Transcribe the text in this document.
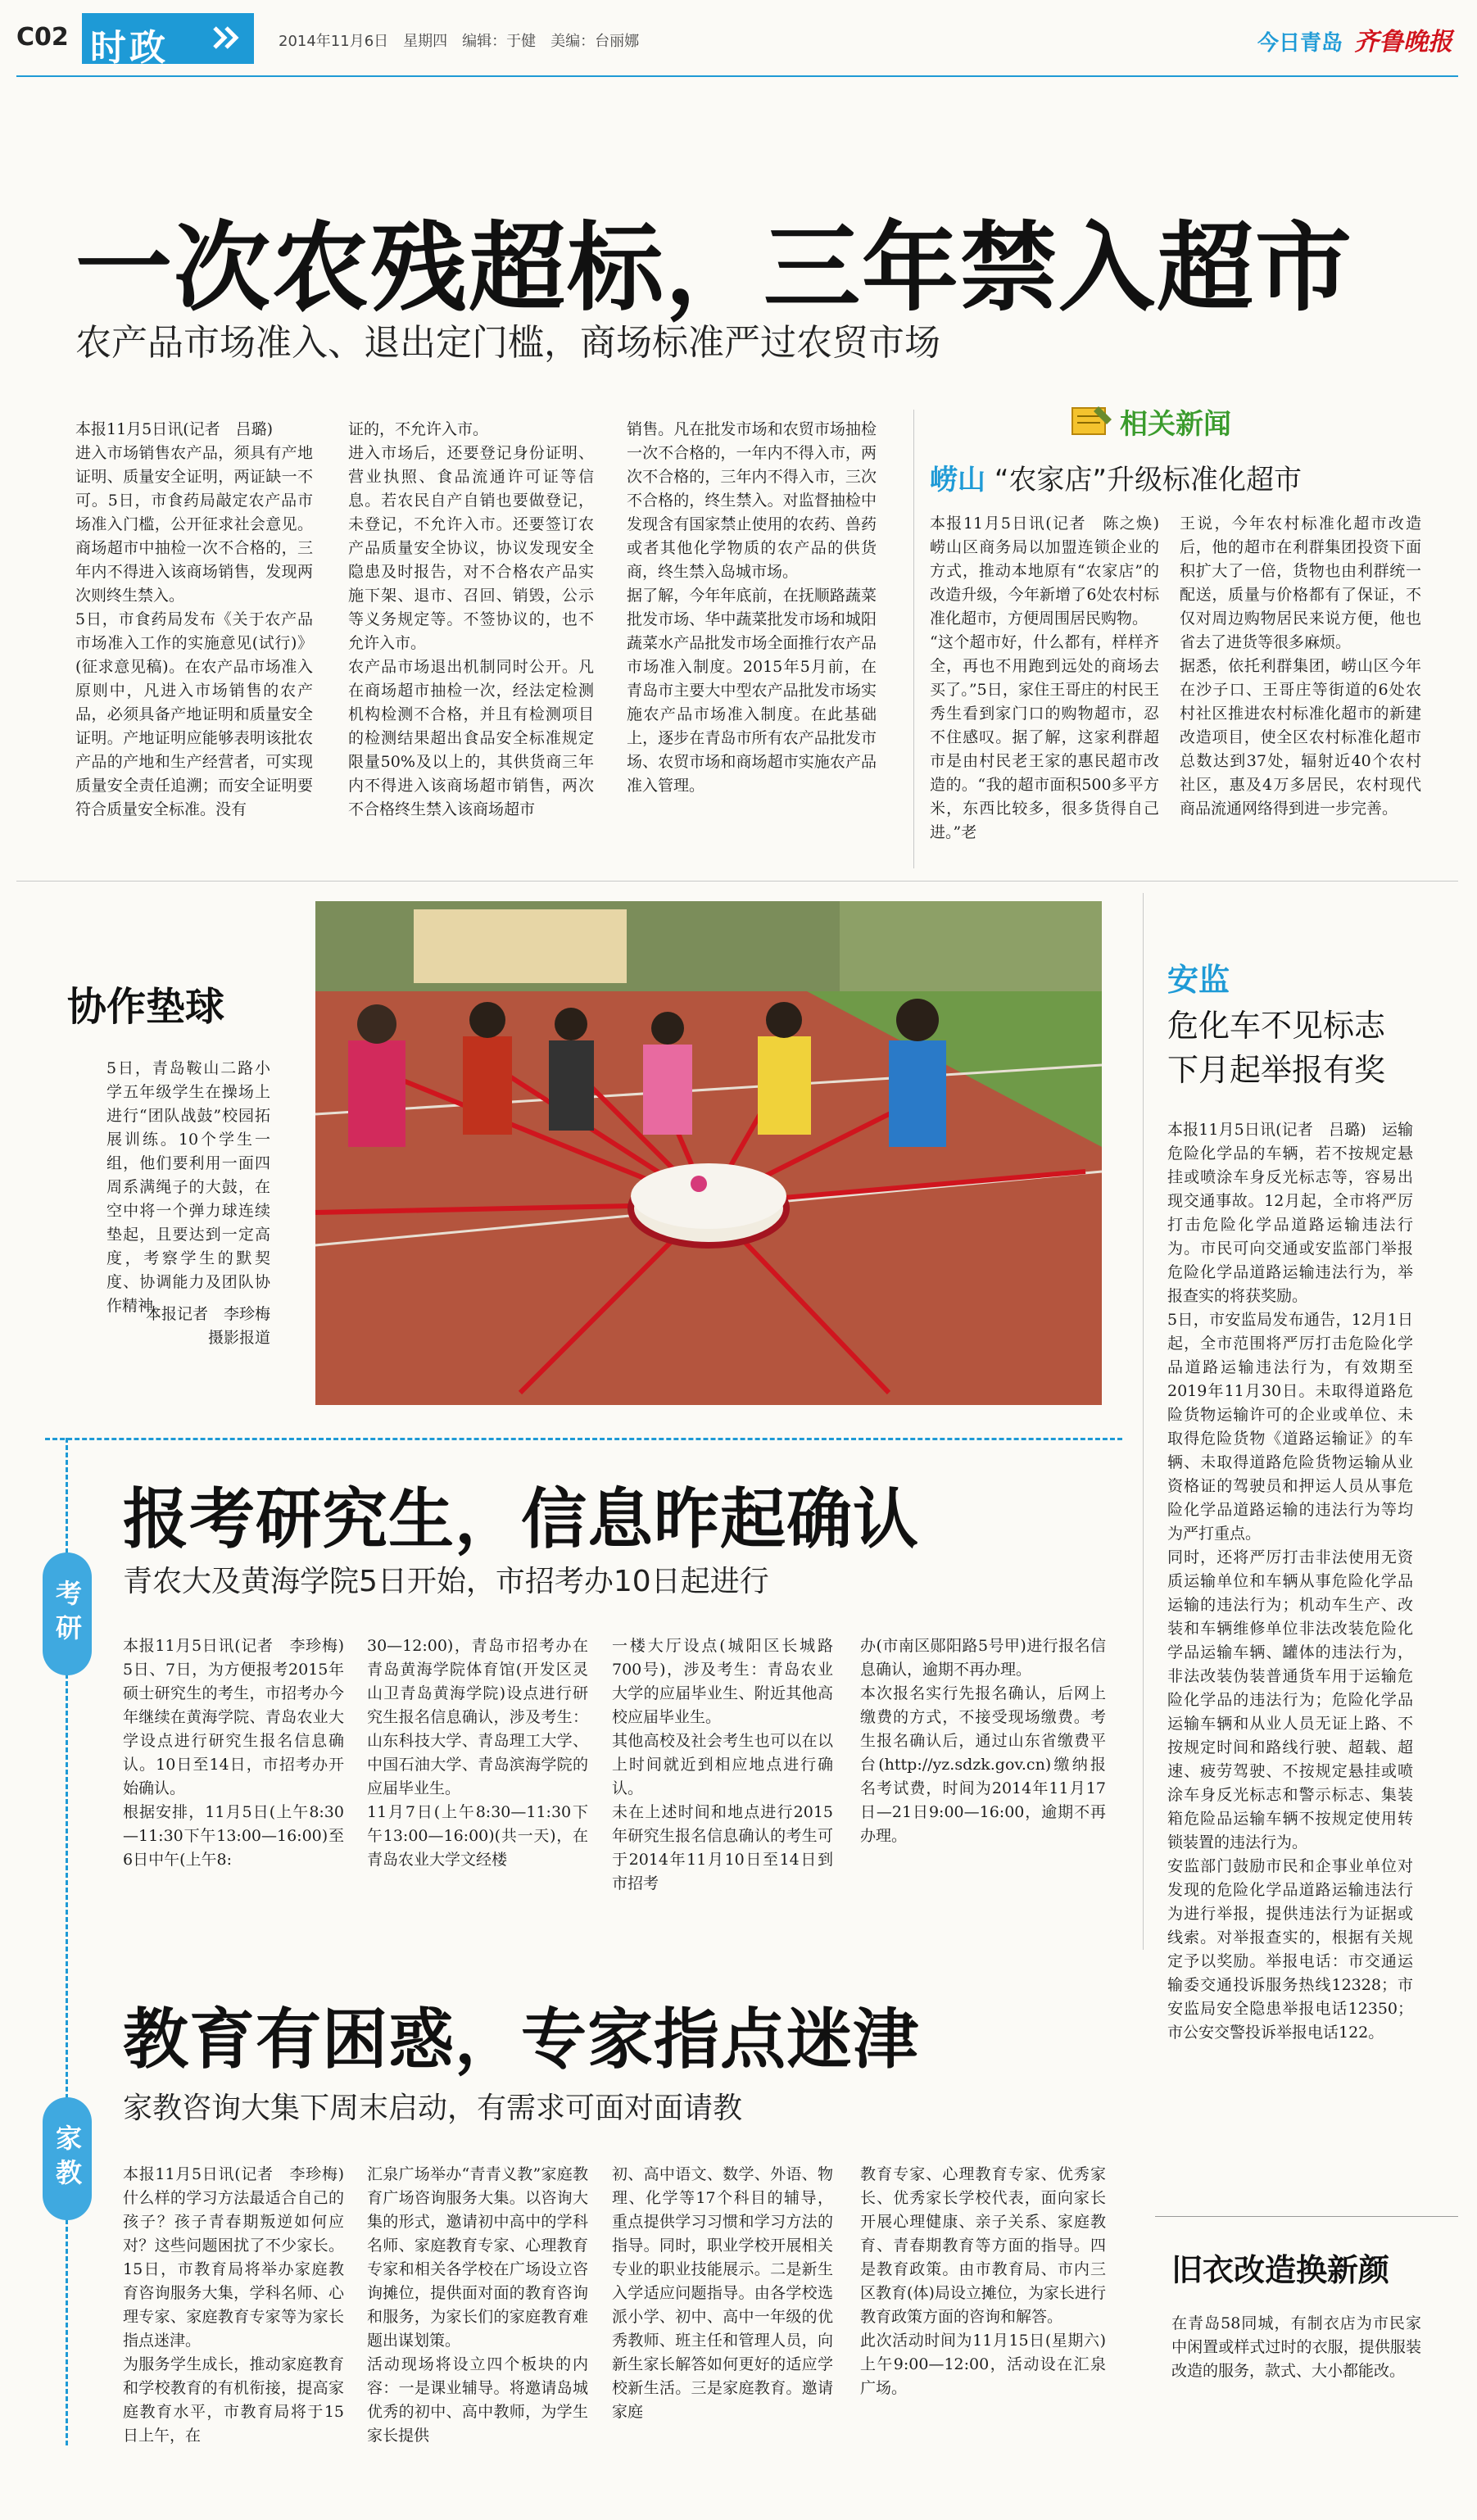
C02 时政	2014年11月6日　星期四　编辑：于健　美编：台丽娜	今日青岛 齐鲁晚报
一次农残超标，三年禁入超市
农产品市场准入、退出定门槛，商场标准严过农贸市场
本报11月5日讯(记者　吕璐)
进入市场销售农产品，须具有产地证明、质量安全证明，两证缺一不可。5日，市食药局敲定农产品市场准入门槛，公开征求社会意见。商场超市中抽检一次不合格的，三年内不得进入该商场销售，发现两次则终生禁入。
5日，市食药局发布《关于农产品市场准入工作的实施意见(试行)》(征求意见稿)。在农产品市场准入原则中，凡进入市场销售的农产品，必须具备产地证明和质量安全证明。产地证明应能够表明该批农产品的产地和生产经营者，可实现质量安全责任追溯；而安全证明要符合质量安全标准。没有
证的，不允许入市。
进入市场后，还要登记身份证明、营业执照、食品流通许可证等信息。若农民自产自销也要做登记，未登记，不允许入市。还要签订农产品质量安全协议，协议发现安全隐患及时报告，对不合格农产品实施下架、退市、召回、销毁，公示等义务规定等。不签协议的，也不允许入市。
农产品市场退出机制同时公开。凡在商场超市抽检一次，经法定检测机构检测不合格，并且有检测项目的检测结果超出食品安全标准规定限量50%及以上的，其供货商三年内不得进入该商场超市销售，两次不合格终生禁入该商场超市
销售。凡在批发市场和农贸市场抽检一次不合格的，一年内不得入市，两次不合格的，三年内不得入市，三次不合格的，终生禁入。对监督抽检中发现含有国家禁止使用的农药、兽药或者其他化学物质的农产品的供货商，终生禁入岛城市场。
据了解，今年年底前，在抚顺路蔬菜批发市场、华中蔬菜批发市场和城阳蔬菜水产品批发市场全面推行农产品市场准入制度。2015年5月前，在青岛市主要大中型农产品批发市场实施农产品市场准入制度。在此基础上，逐步在青岛市所有农产品批发市场、农贸市场和商场超市实施农产品准入管理。
相关新闻
崂山 “农家店”升级标准化超市
本报11月5日讯(记者　陈之焕)　崂山区商务局以加盟连锁企业的方式，推动本地原有“农家店”的改造升级，今年新增了6处农村标准化超市，方便周围居民购物。
“这个超市好，什么都有，样样齐全，再也不用跑到远处的商场去买了。”5日，家住王哥庄的村民王秀生看到家门口的购物超市，忍不住感叹。据了解，这家利群超市是由村民老王家的惠民超市改造的。“我的超市面积500多平方米，东西比较多，很多货得自己进。”老
王说，今年农村标准化超市改造后，他的超市在利群集团投资下面积扩大了一倍，货物也由利群统一配送，质量与价格都有了保证，不仅对周边购物居民来说方便，他也省去了进货等很多麻烦。
据悉，依托利群集团，崂山区今年在沙子口、王哥庄等街道的6处农村社区推进农村标准化超市的新建改造项目，使全区农村标准化超市总数达到37处，辐射近40个农村社区，惠及4万多居民，农村现代商品流通网络得到进一步完善。
协作垫球
5日，青岛鞍山二路小学五年级学生在操场上进行“团队战鼓”校园拓展训练。10个学生一组，他们要利用一面四周系满绳子的大鼓，在空中将一个弹力球连续垫起，且要达到一定高度，考察学生的默契度、协调能力及团队协作精神。
本报记者　李珍梅
摄影报道
安监
危化车不见标志
下月起举报有奖
本报11月5日讯(记者　吕璐)　运输危险化学品的车辆，若不按规定悬挂或喷涂车身反光标志等，容易出现交通事故。12月起，全市将严厉打击危险化学品道路运输违法行为。市民可向交通或安监部门举报危险化学品道路运输违法行为，举报查实的将获奖励。
5日，市安监局发布通告，12月1日起，全市范围将严厉打击危险化学品道路运输违法行为，有效期至2019年11月30日。未取得道路危险货物运输许可的企业或单位、未取得危险货物《道路运输证》的车辆、未取得道路危险货物运输从业资格证的驾驶员和押运人员从事危险化学品道路运输的违法行为等均为严打重点。
同时，还将严厉打击非法使用无资质运输单位和车辆从事危险化学品运输的违法行为；机动车生产、改装和车辆维修单位非法改装危险化学品运输车辆、罐体的违法行为，非法改装伪装普通货车用于运输危险化学品的违法行为；危险化学品运输车辆和从业人员无证上路、不按规定时间和路线行驶、超载、超速、疲劳驾驶、不按规定悬挂或喷涂车身反光标志和警示标志、集装箱危险品运输车辆不按规定使用转锁装置的违法行为。
安监部门鼓励市民和企事业单位对发现的危险化学品道路运输违法行为进行举报，提供违法行为证据或线索。对举报查实的，根据有关规定予以奖励。举报电话：市交通运输委交通投诉服务热线12328；市安监局安全隐患举报电话12350；市公安交警投诉举报电话122。
考研
报考研究生，信息昨起确认
青农大及黄海学院5日开始，市招考办10日起进行
本报11月5日讯(记者　李珍梅)　5日、7日，为方便报考2015年硕士研究生的考生，市招考办今年继续在黄海学院、青岛农业大学设点进行研究生报名信息确认。10日至14日，市招考办开始确认。
根据安排，11月5日(上午8:30—11:30下午13:00—16:00)至6日中午(上午8:
30—12:00)，青岛市招考办在青岛黄海学院体育馆(开发区灵山卫青岛黄海学院)设点进行研究生报名信息确认，涉及考生：山东科技大学、青岛理工大学、中国石油大学、青岛滨海学院的应届毕业生。
11月7日(上午8:30—11:30下午13:00—16:00)(共一天)，在青岛农业大学文经楼
一楼大厅设点(城阳区长城路700号)，涉及考生：青岛农业大学的应届毕业生、附近其他高校应届毕业生。
其他高校及社会考生也可以在以上时间就近到相应地点进行确认。
未在上述时间和地点进行2015年研究生报名信息确认的考生可于2014年11月10日至14日到市招考
办(市南区郧阳路5号甲)进行报名信息确认，逾期不再办理。
本次报名实行先报名确认，后网上缴费的方式，不接受现场缴费。考生报名确认后，通过山东省缴费平台(http://yz.sdzk.gov.cn)缴纳报名考试费，时间为2014年11月17日—21日9:00—16:00，逾期不再办理。
家教
教育有困惑，专家指点迷津
家教咨询大集下周末启动，有需求可面对面请教
本报11月5日讯(记者　李珍梅)　什么样的学习方法最适合自己的孩子？孩子青春期叛逆如何应对？这些问题困扰了不少家长。15日，市教育局将举办家庭教育咨询服务大集，学科名师、心理专家、家庭教育专家等为家长指点迷津。
为服务学生成长，推动家庭教育和学校教育的有机衔接，提高家庭教育水平，市教育局将于15日上午，在
汇泉广场举办“青青义教”家庭教育广场咨询服务大集。以咨询大集的形式，邀请初中高中的学科名师、家庭教育专家、心理教育专家和相关各学校在广场设立咨询摊位，提供面对面的教育咨询和服务，为家长们的家庭教育难题出谋划策。
活动现场将设立四个板块的内容：一是课业辅导。将邀请岛城优秀的初中、高中教师，为学生家长提供
初、高中语文、数学、外语、物理、化学等17个科目的辅导，重点提供学习习惯和学习方法的指导。同时，职业学校开展相关专业的职业技能展示。二是新生入学适应问题指导。由各学校选派小学、初中、高中一年级的优秀教师、班主任和管理人员，向新生家长解答如何更好的适应学校新生活。三是家庭教育。邀请家庭
教育专家、心理教育专家、优秀家长、优秀家长学校代表，面向家长开展心理健康、亲子关系、家庭教育、青春期教育等方面的指导。四是教育政策。由市教育局、市内三区教育(体)局设立摊位，为家长进行教育政策方面的咨询和解答。
此次活动时间为11月15日(星期六)上午9:00—12:00，活动设在汇泉广场。
旧衣改造换新颜
在青岛58同城，有制衣店为市民家中闲置或样式过时的衣服，提供服装改造的服务，款式、大小都能改。
